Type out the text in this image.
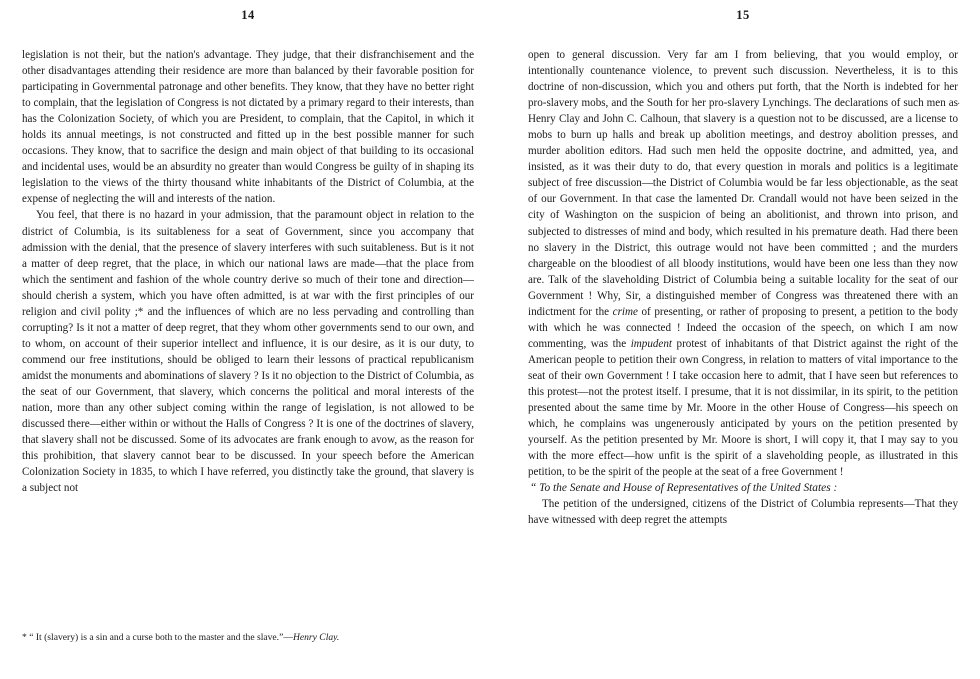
14

legislation is not their, but the nation's advantage. They judge, that their disfranchisement and the other disadvantages attending their residence are more than balanced by their favorable position for participating in Governmental patronage and other benefits. They know, that they have no better right to complain, that the legislation of Congress is not dictated by a primary regard to their interests, than has the Colonization Society, of which you are President, to complain, that the Capitol, in which it holds its annual meetings, is not constructed and fitted up in the best possible manner for such occasions. They know, that to sacrifice the design and main object of that building to its occasional and incidental uses, would be an absurdity no greater than would Congress be guilty of in shaping its legislation to the views of the thirty thousand white inhabitants of the District of Columbia, at the expense of neglecting the will and interests of the nation.

You feel, that there is no hazard in your admission, that the paramount object in relation to the district of Columbia, is its suitableness for a seat of Government, since you accompany that admission with the denial, that the presence of slavery interferes with such suitableness. But is it not a matter of deep regret, that the place, in which our national laws are made—that the place from which the sentiment and fashion of the whole country derive so much of their tone and direction—should cherish a system, which you have often admitted, is at war with the first principles of our religion and civil polity ;* and the influences of which are no less pervading and controlling than corrupting? Is it not a matter of deep regret, that they whom other governments send to our own, and to whom, on account of their superior intellect and influence, it is our desire, as it is our duty, to commend our free institutions, should be obliged to learn their lessons of practical republicanism amidst the monuments and abominations of slavery ? Is it no objection to the District of Columbia, as the seat of our Government, that slavery, which concerns the political and moral interests of the nation, more than any other subject coming within the range of legislation, is not allowed to be discussed there—either within or without the Halls of Congress ? It is one of the doctrines of slavery, that slavery shall not be discussed. Some of its advocates are frank enough to avow, as the reason for this prohibition, that slavery cannot bear to be discussed. In your speech before the American Colonization Society in 1835, to which I have referred, you distinctly take the ground, that slavery is a subject not

* “ It (slavery) is a sin and a curse both to the master and the slave.”—Henry Clay.
15

open to general discussion. Very far am I from believing, that you would employ, or intentionally countenance violence, to prevent such discussion. Nevertheless, it is to this doctrine of non-discussion, which you and others put forth, that the North is indebted for her pro-slavery mobs, and the South for her pro-slavery Lynchings. The declarations of such men as Henry Clay and John C. Calhoun, that slavery is a question not to be discussed, are a license to mobs to burn up halls and break up abolition meetings, and destroy abolition presses, and murder abolition editors. Had such men held the opposite doctrine, and admitted, yea, and insisted, as it was their duty to do, that every question in morals and politics is a legitimate subject of free discussion—the District of Columbia would be far less objectionable, as the seat of our Government. In that case the lamented Dr. Crandall would not have been seized in the city of Washington on the suspicion of being an abolitionist, and thrown into prison, and subjected to distresses of mind and body, which resulted in his premature death. Had there been no slavery in the District, this outrage would not have been committed ; and the murders chargeable on the bloodiest of all bloody institutions, would have been one less than they now are. Talk of the slaveholding District of Columbia being a suitable locality for the seat of our Government ! Why, Sir, a distinguished member of Congress was threatened there with an indictment for the crime of presenting, or rather of proposing to present, a petition to the body with which he was connected ! Indeed the occasion of the speech, on which I am now commenting, was the impudent protest of inhabitants of that District against the right of the American people to petition their own Congress, in relation to matters of vital importance to the seat of their own Government ! I take occasion here to admit, that I have seen but references to this protest—not the protest itself. I presume, that it is not dissimilar, in its spirit, to the petition presented about the same time by Mr. Moore in the other House of Congress—his speech on which, he complains was ungenerously anticipated by yours on the petition presented by yourself. As the petition presented by Mr. Moore is short, I will copy it, that I may say to you with the more effect—how unfit is the spirit of a slaveholding people, as illustrated in this petition, to be the spirit of the people at the seat of a free Government !

“ To the Senate and House of Representatives of the United States :

The petition of the undersigned, citizens of the District of Columbia represents—That they have witnessed with deep regret the attempts

·
